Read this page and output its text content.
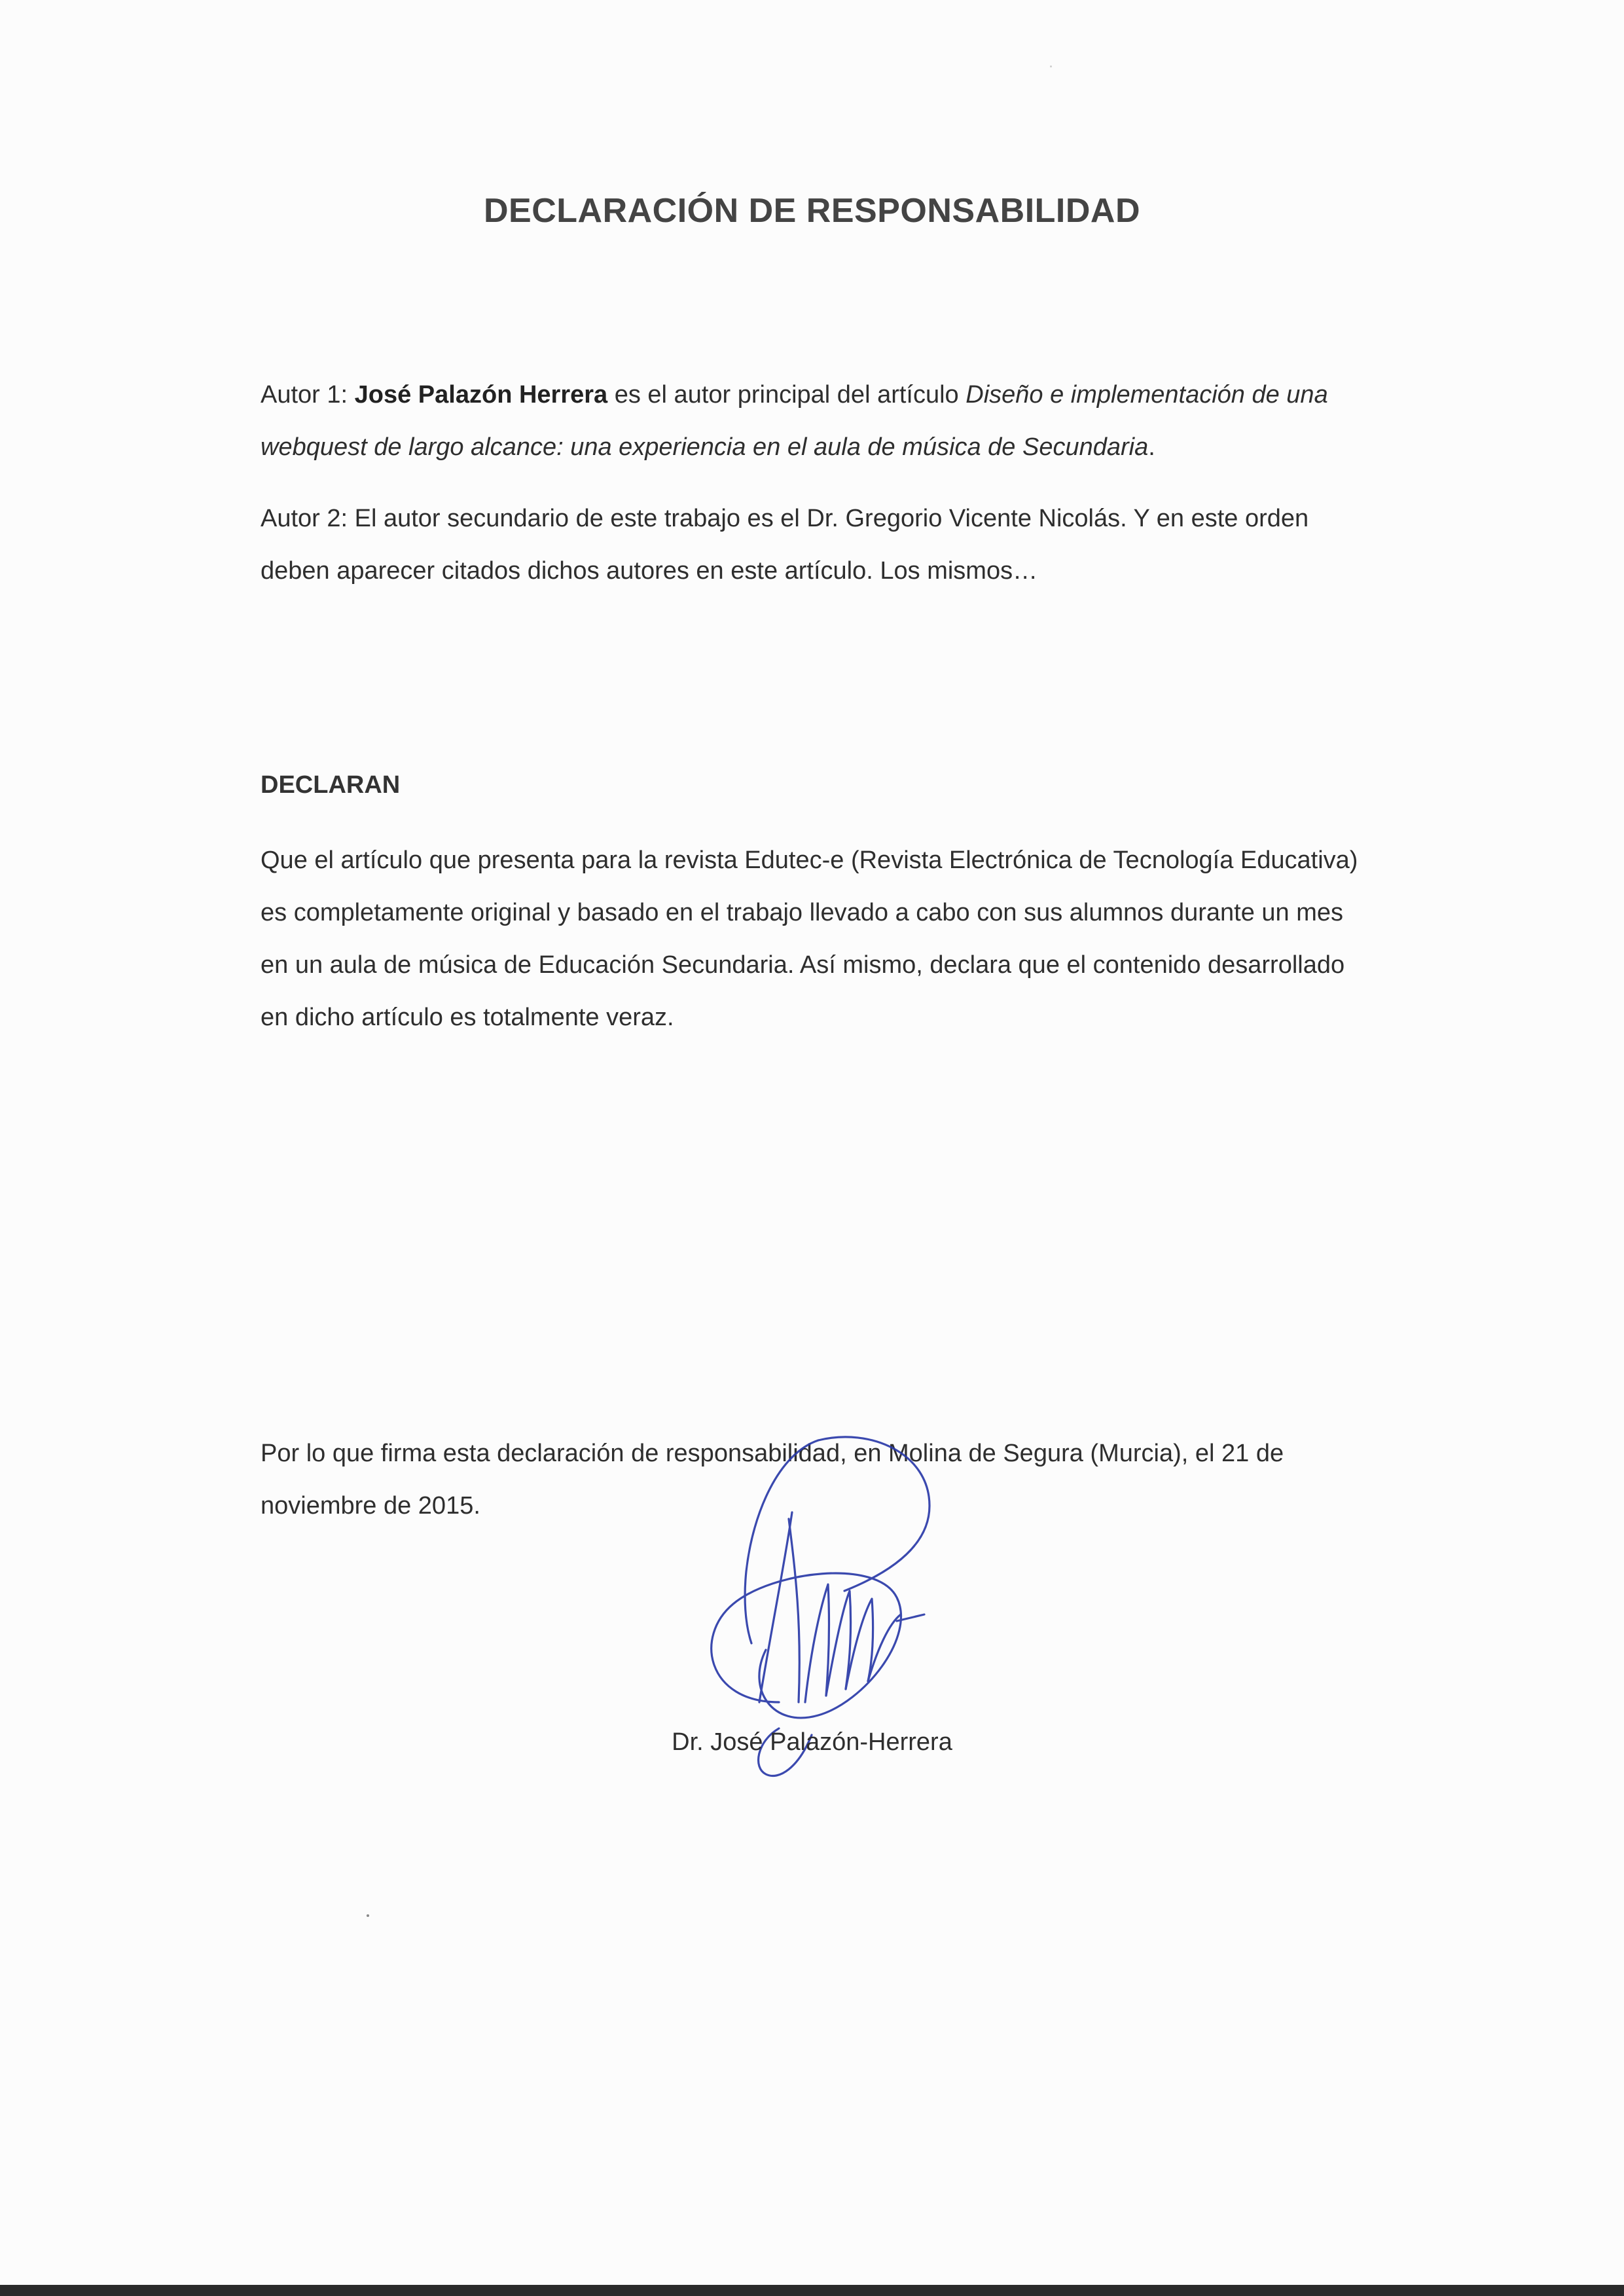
DECLARACIÓN DE RESPONSABILIDAD
Autor 1: José Palazón Herrera es el autor principal del artículo Diseño e implementación de una webquest de largo alcance: una experiencia en el aula de música de Secundaria.
Autor 2: El autor secundario de este trabajo es el Dr. Gregorio Vicente Nicolás. Y en este orden deben aparecer citados dichos autores en este artículo. Los mismos…
DECLARAN
Que el artículo que presenta para la revista Edutec-e (Revista Electrónica de Tecnología Educativa) es completamente original y basado en el trabajo llevado a cabo con sus alumnos durante un mes en un aula de música de Educación Secundaria. Así mismo, declara que el contenido desarrollado en dicho artículo es totalmente veraz.
Por lo que firma esta declaración de responsabilidad, en Molina de Segura (Murcia), el 21 de noviembre de 2015.
Dr. José Palazón-Herrera
